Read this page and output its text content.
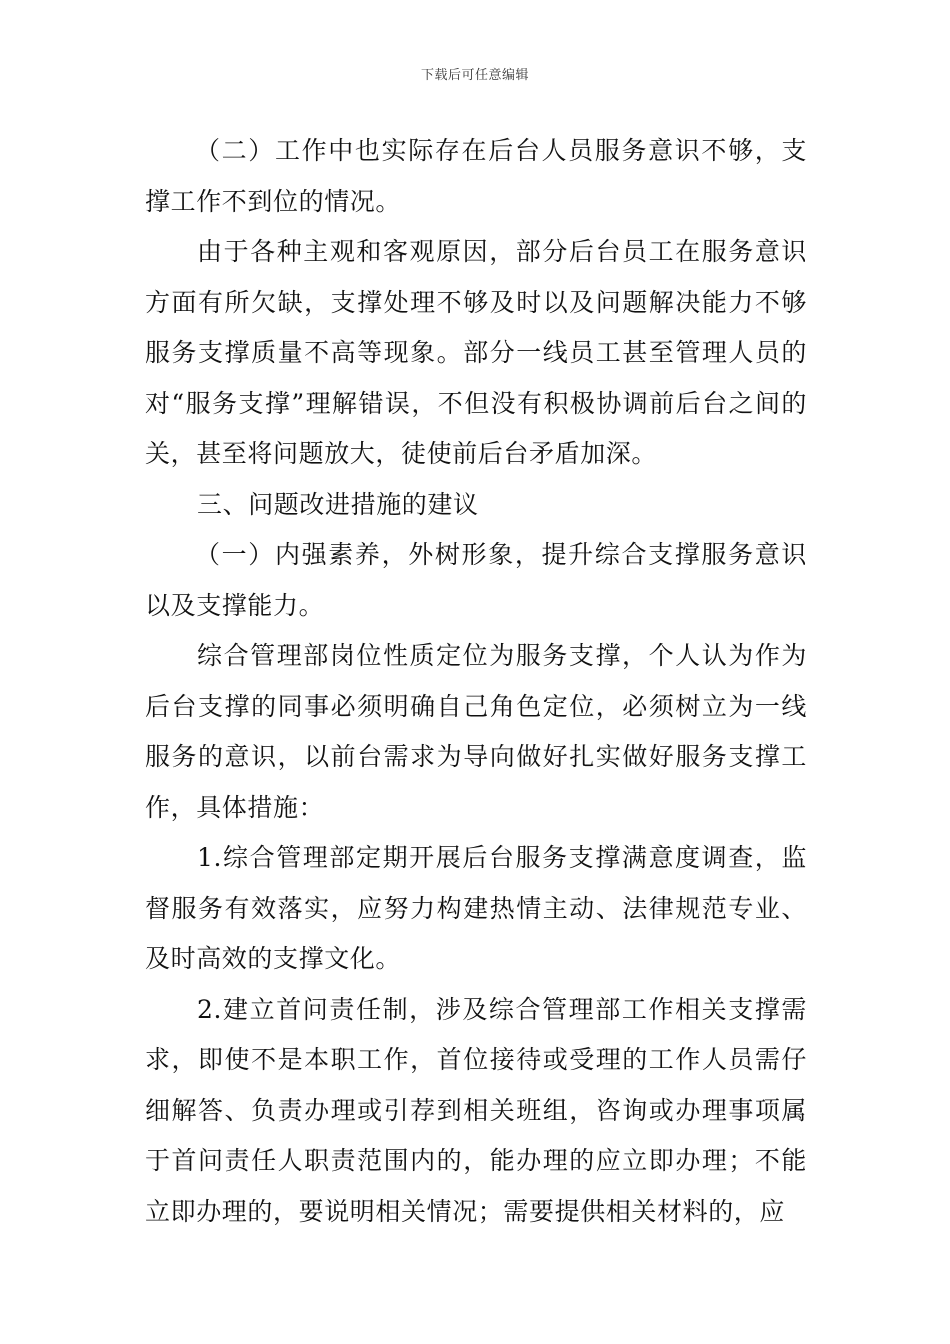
下载后可任意编辑

（二）工作中也实际存在后台人员服务意识不够，支撑工作不到位的情况。

由于各种主观和客观原因，部分后台员工在服务意识方面有所欠缺，支撑处理不够及时以及问题解决能力不够服务支撑质量不高等现象。部分一线员工甚至管理人员的对“服务支撑”理解错误，不但没有积极协调前后台之间的关，甚至将问题放大，徒使前后台矛盾加深。

三、问题改进措施的建议

（一）内强素养，外树形象，提升综合支撑服务意识以及支撑能力。

综合管理部岗位性质定位为服务支撑，个人认为作为后台支撑的同事必须明确自己角色定位，必须树立为一线服务的意识，以前台需求为导向做好扎实做好服务支撑工作，具体措施：

1.综合管理部定期开展后台服务支撑满意度调查，监督服务有效落实，应努力构建热情主动、法律规范专业、及时高效的支撑文化。

2.建立首问责任制，涉及综合管理部工作相关支撑需求，即使不是本职工作，首位接待或受理的工作人员需仔细解答、负责办理或引荐到相关班组，咨询或办理事项属于首问责任人职责范围内的，能办理的应立即办理；不能立即办理的，要说明相关情况；需要提供相关材料的，应
